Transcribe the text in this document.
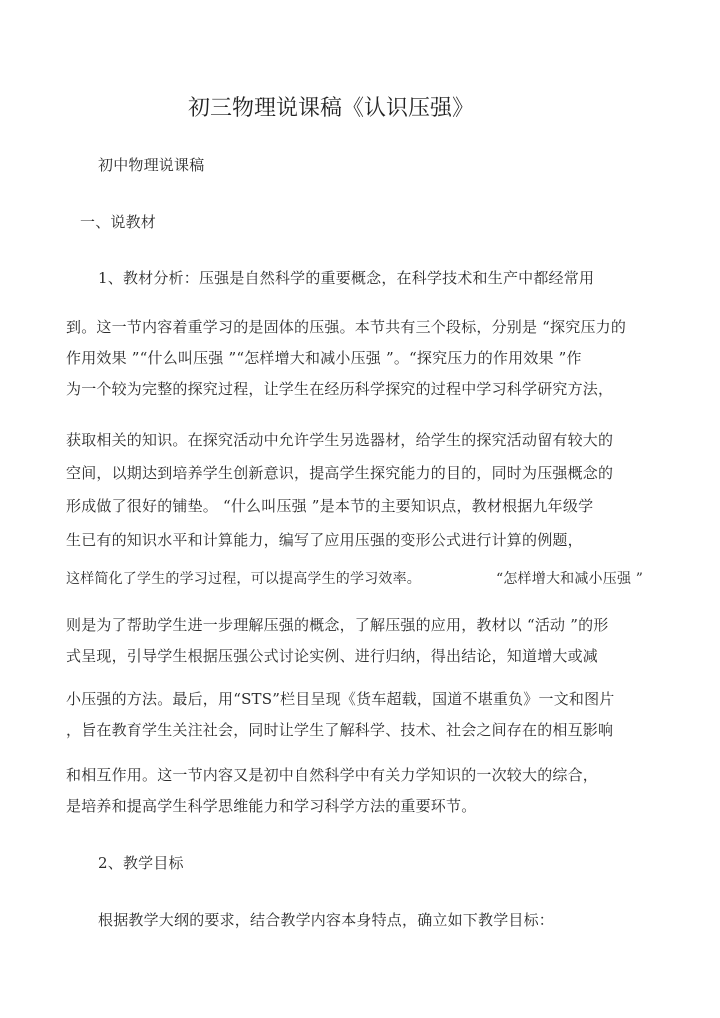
初三物理说课稿《认识压强》
初中物理说课稿
一、说教材
1、教材分析：压强是自然科学的重要概念，在科学技术和生产中都经常用
到。这一节内容着重学习的是固体的压强。本节共有三个段标，分别是 “探究压力的
作用效果 ”“什么叫压强 ”“怎样增大和减小压强 ”。“探究压力的作用效果 ”作
为一个较为完整的探究过程，让学生在经历科学探究的过程中学习科学研究方法，
获取相关的知识。在探究活动中允许学生另选器材，给学生的探究活动留有较大的
空间，以期达到培养学生创新意识，提高学生探究能力的目的，同时为压强概念的
形成做了很好的铺垫。 “什么叫压强 ”是本节的主要知识点，教材根据九年级学
生已有的知识水平和计算能力，编写了应用压强的变形公式进行计算的例题，
这样简化了学生的学习过程，可以提高学生的学习效率。	“怎样增大和减小压强 ”
则是为了帮助学生进一步理解压强的概念，了解压强的应用，教材以 “活动 ”的形
式呈现，引导学生根据压强公式讨论实例、进行归纳，得出结论，知道增大或减
小压强的方法。最后，用“STS”栏目呈现《货车超载，国道不堪重负》一文和图片
，旨在教育学生关注社会，同时让学生了解科学、技术、社会之间存在的相互影响
和相互作用。这一节内容又是初中自然科学中有关力学知识的一次较大的综合，
是培养和提高学生科学思维能力和学习科学方法的重要环节。
2、教学目标
根据教学大纲的要求，结合教学内容本身特点，确立如下教学目标：
